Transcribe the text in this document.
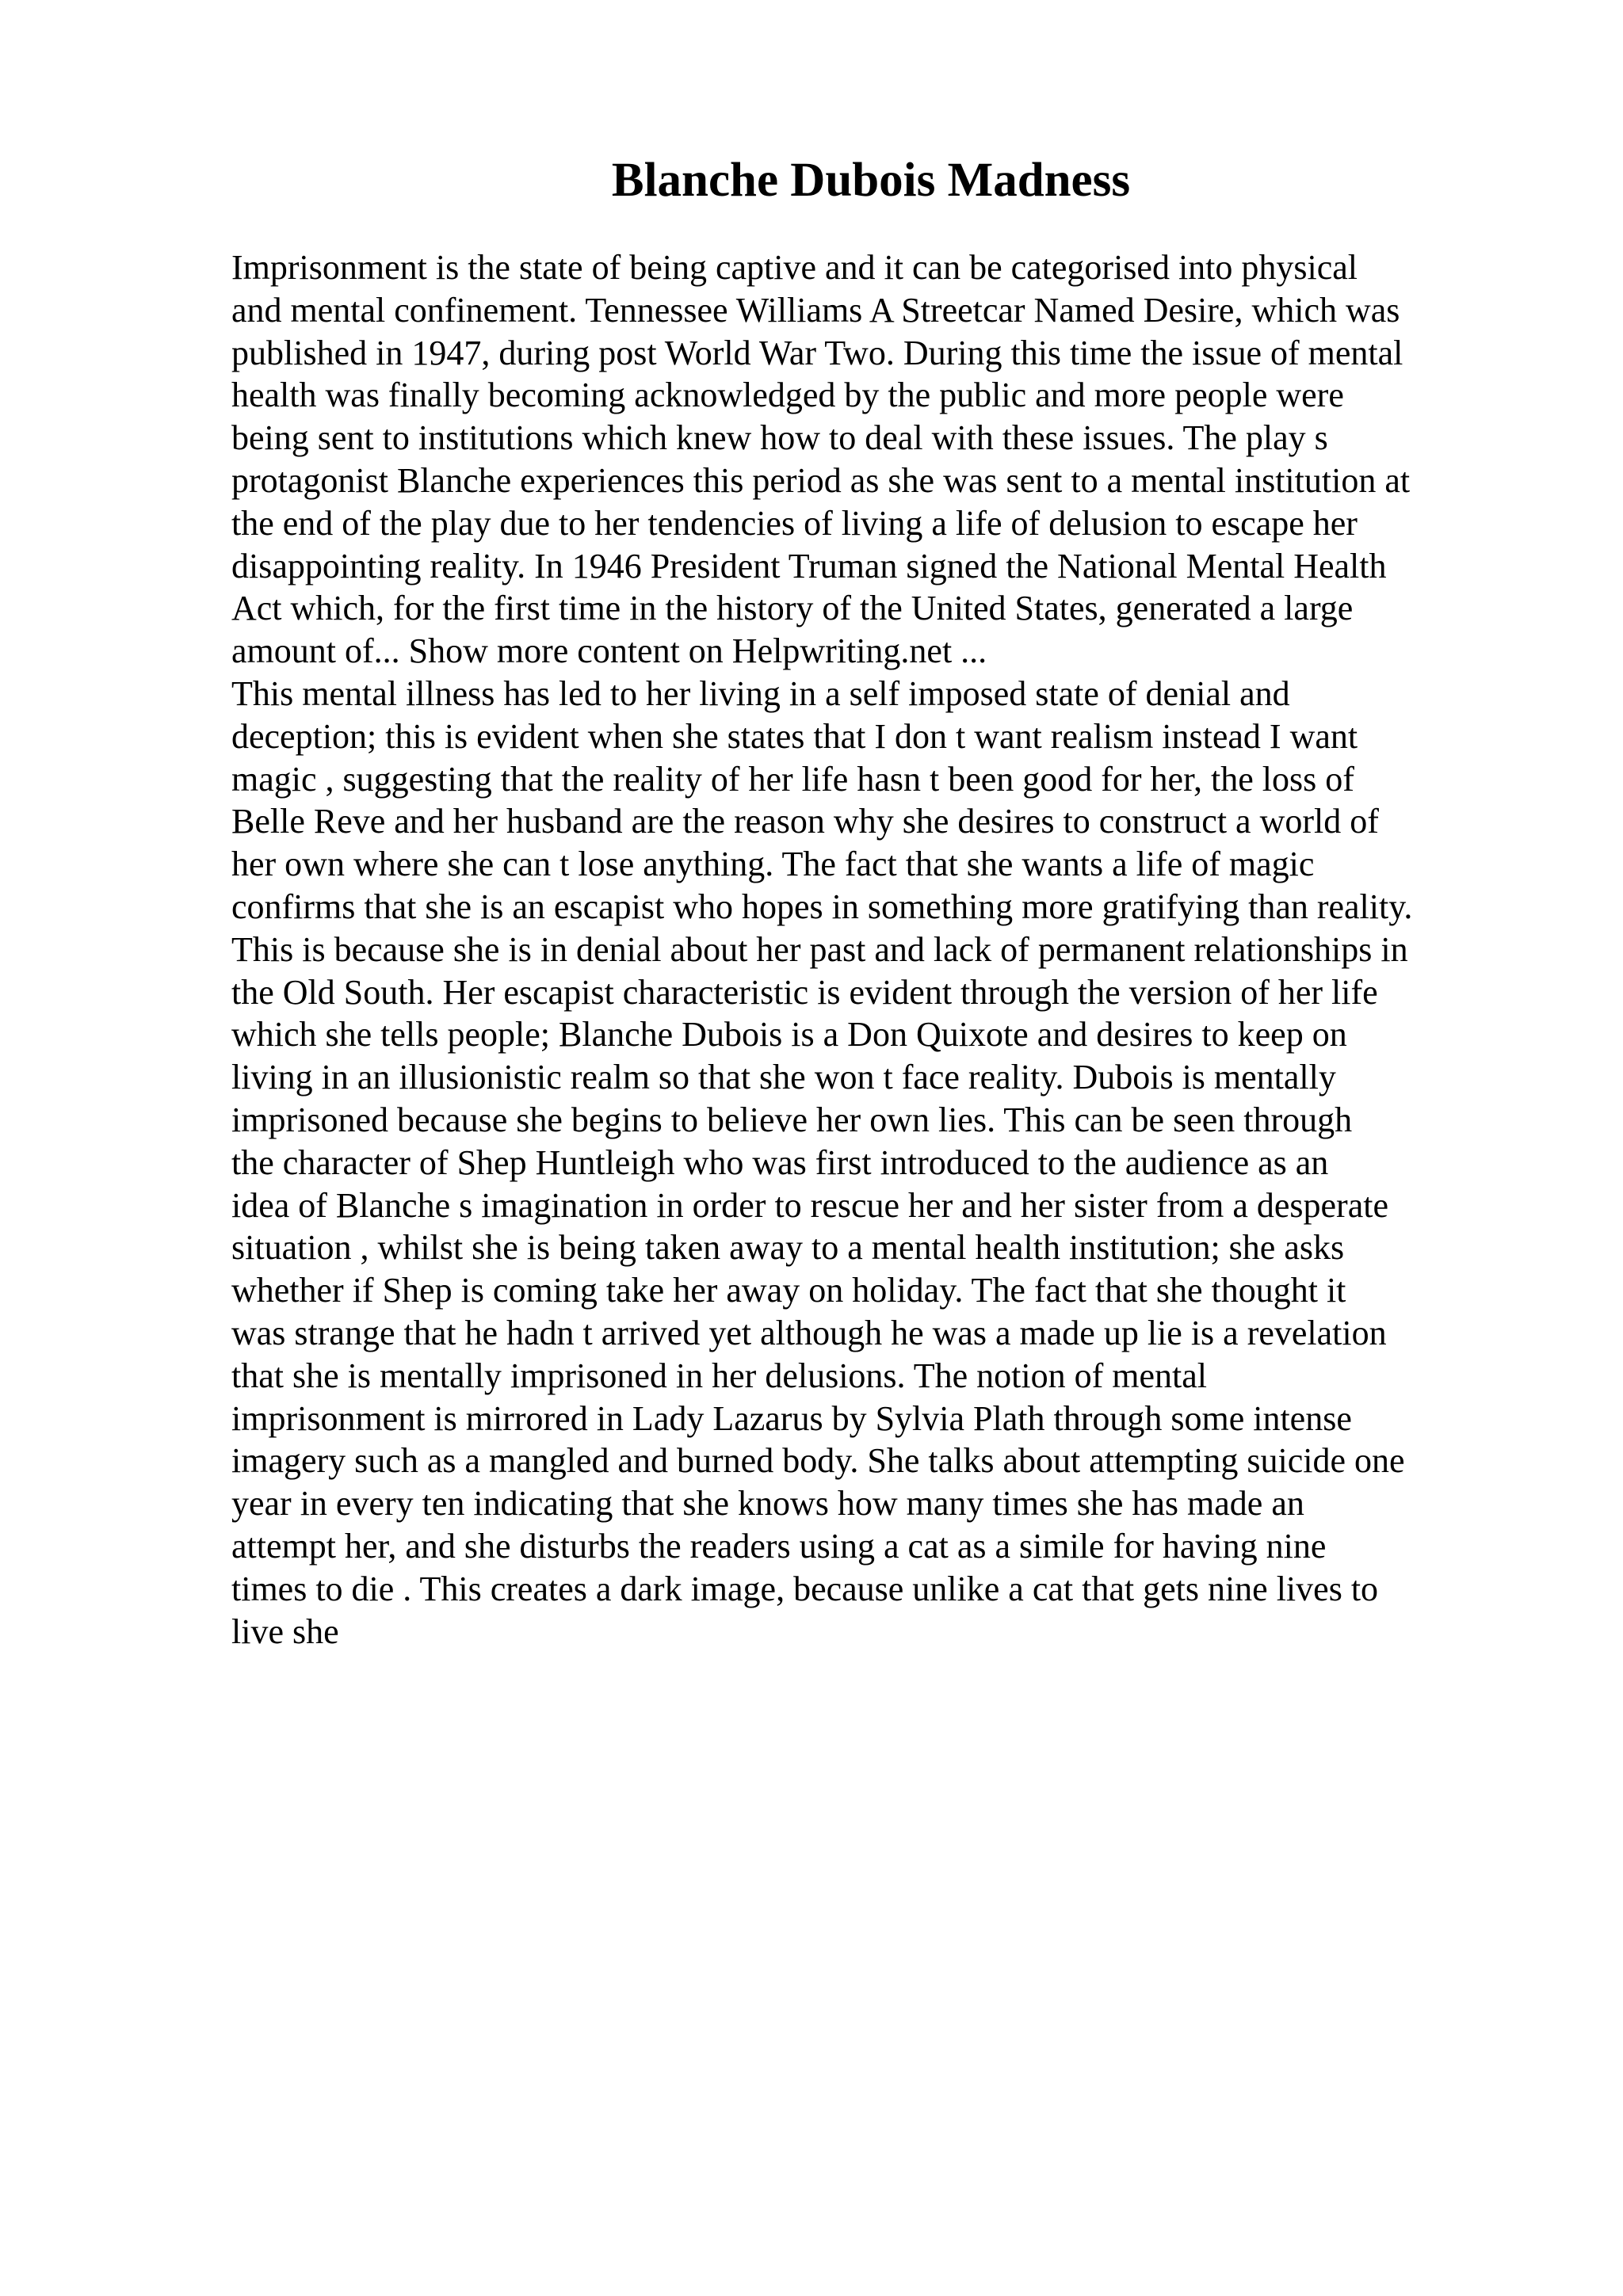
Blanche Dubois Madness
Imprisonment is the state of being captive and it can be categorised into physical
and mental confinement. Tennessee Williams A Streetcar Named Desire, which was
published in 1947, during post World War Two. During this time the issue of mental
health was finally becoming acknowledged by the public and more people were
being sent to institutions which knew how to deal with these issues. The play s
protagonist Blanche experiences this period as she was sent to a mental institution at
the end of the play due to her tendencies of living a life of delusion to escape her
disappointing reality. In 1946 President Truman signed the National Mental Health
Act which, for the first time in the history of the United States, generated a large
amount of... Show more content on Helpwriting.net ...
This mental illness has led to her living in a self imposed state of denial and
deception; this is evident when she states that I don t want realism instead I want
magic , suggesting that the reality of her life hasn t been good for her, the loss of
Belle Reve and her husband are the reason why she desires to construct a world of
her own where she can t lose anything. The fact that she wants a life of magic
confirms that she is an escapist who hopes in something more gratifying than reality.
This is because she is in denial about her past and lack of permanent relationships in
the Old South. Her escapist characteristic is evident through the version of her life
which she tells people; Blanche Dubois is a Don Quixote and desires to keep on
living in an illusionistic realm so that she won t face reality. Dubois is mentally
imprisoned because she begins to believe her own lies. This can be seen through
the character of Shep Huntleigh who was first introduced to the audience as an
idea of Blanche s imagination in order to rescue her and her sister from a desperate
situation , whilst she is being taken away to a mental health institution; she asks
whether if Shep is coming take her away on holiday. The fact that she thought it
was strange that he hadn t arrived yet although he was a made up lie is a revelation
that she is mentally imprisoned in her delusions. The notion of mental
imprisonment is mirrored in Lady Lazarus by Sylvia Plath through some intense
imagery such as a mangled and burned body. She talks about attempting suicide one
year in every ten indicating that she knows how many times she has made an
attempt her, and she disturbs the readers using a cat as a simile for having nine
times to die . This creates a dark image, because unlike a cat that gets nine lives to
live she
